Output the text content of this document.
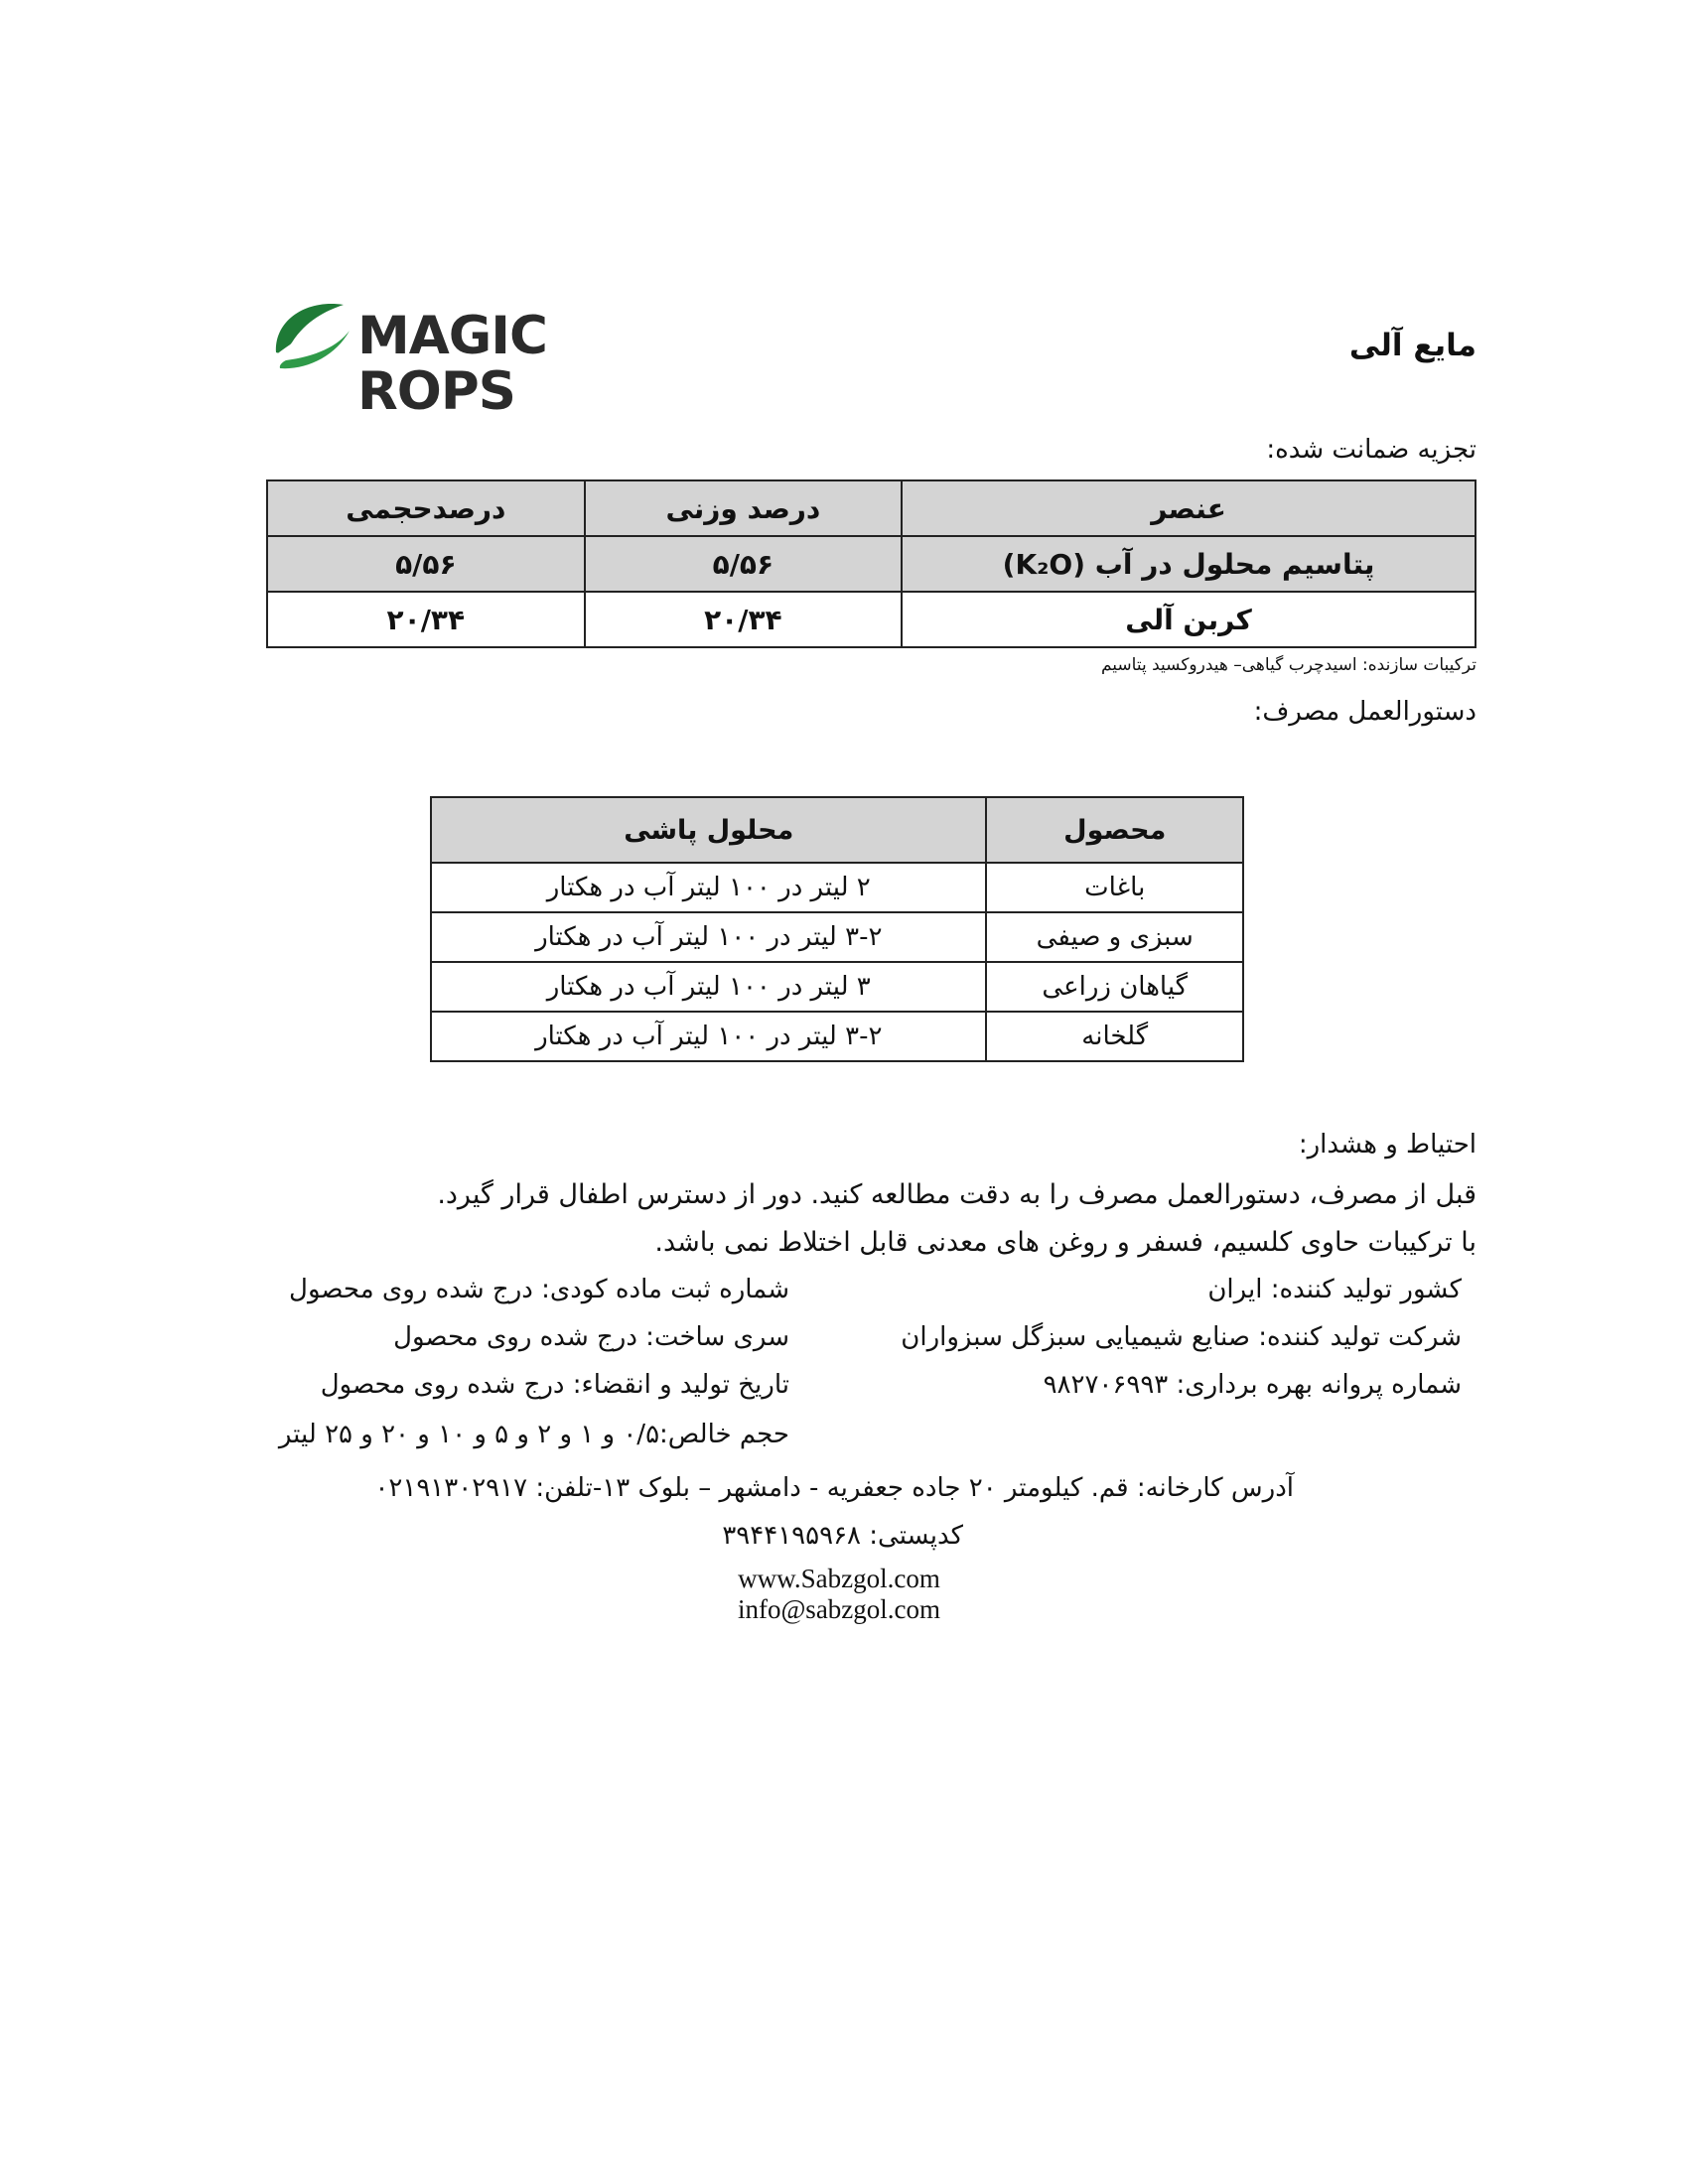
MAGIC ROPS
مایع آلی
تجزیه ضمانت شده:
درصدحجمی	درصد وزنی	عنصر
۵/۵۶	۵/۵۶	پتاسیم محلول در آب (K₂O)
۲۰/۳۴	۲۰/۳۴	کربن آلی
ترکیبات سازنده: اسیدچرب گیاهی– هیدروکسید پتاسیم
دستورالعمل مصرف:
محلول پاشی	محصول
۲ لیتر در ۱۰۰ لیتر آب در هکتار	باغات
۳-۲ لیتر در ۱۰۰ لیتر آب در هکتار	سبزی و صیفی
۳ لیتر در ۱۰۰ لیتر آب در هکتار	گیاهان زراعی
۳-۲ لیتر در ۱۰۰ لیتر آب در هکتار	گلخانه
احتیاط و هشدار:
قبل از مصرف، دستورالعمل مصرف را به دقت مطالعه کنید. دور از دسترس اطفال قرار گیرد.
با ترکیبات حاوی کلسیم، فسفر و روغن های معدنی قابل اختلاط نمی باشد.
کشور تولید کننده: ایران
شرکت تولید کننده: صنایع شیمیایی سبزگل سبزواران
شماره پروانه بهره برداری: ۹۸۲۷۰۶۹۹۳
شماره ثبت ماده کودی: درج شده روی محصول
سری ساخت: درج شده روی محصول
تاریخ تولید و انقضاء: درج شده روی محصول
حجم خالص:۰/۵ و ۱ و ۲ و ۵ و ۱۰ و ۲۰ و ۲۵ لیتر
آدرس کارخانه: قم. کیلومتر ۲۰ جاده جعفریه - دامشهر – بلوک ۱۳-تلفن: ۰۲۱۹۱۳۰۲۹۱۷
کدپستی: ۳۹۴۴۱۹۵۹۶۸
www.Sabzgol.com
info@sabzgol.com
